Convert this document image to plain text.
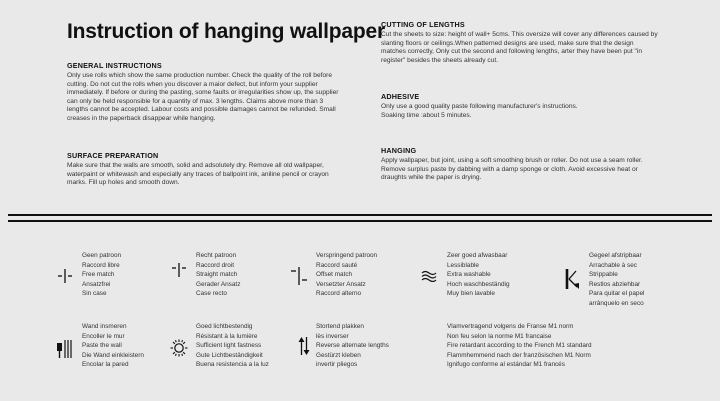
Instruction of hanging wallpaper
GENERAL INSTRUCTIONS

Only use rolls which show the same production number. Check the quality of the roll before

cutting. Do not cut the rolls when you discover a maior defect, but inform your supplier

immediately. If before or during the pasting, some faults or irregularities show up, the supplier

can only be held responsible for a quantity of max. 3 lengths. Claims above more than 3

lengths cannot be accepted. Labour costs and possible damages cannot be refunded. Small

creases in the paperback disappear while hanging.

SURFACE PREPARATION

Make sure that the walls are smooth, solid and adsolutely dry. Remove all old wallpaper,

waterpaint or whitewash and especially any traces of ballpoint ink, aniline pencil or crayon

marks. Fill up holes and smooth down.

CUTTING OF LENGTHS

Cut the sheets to size: height of wall+ 5cms. This oversize will cover any differences caused by

slanting floors or ceilings.When patterned designs are used, make sure that the design

matches correctly, Only cut the second and following lengths, arter they have been put "in

register" besides the sheets already cut.

ADHESIVE

Only use a good quality paste following manufacturer's instructions.

Soaking time :about 5 minutes.

HANGING

Apply wallpaper, but joint, using a soft smoothing brush or roller. Do not use a seam roller.

Remove surplus paste by dabbing with a damp sponge or cloth. Avoid excessive heat or

draughts while the paper is drying.

Geen patroon
Raccord libre
Free match
Ansatzfrei
Sin case
Recht patroon
Raccord droit
Straight match
Gerader Ansatz
Case recto
Verspringend patroon
Raccord sauté
Offset match
Versetzter Ansatz
Raccord alterno
Zeer goed afwasbaar
Lessiblable
Extra washable
Hoch waschbeständig
Muy bien lavable
Gegeel afstripbaar
Arrachable à sec
Strippable
Restlos abziehbar
Para quitar el papel
arrânquelo en seco
Wand insmeren
Encoller le mur
Paste the wall
Die Wand einkleistern
Encolar la pared
Goed lichtbestendig
Résistant à la lumière
Sufficient light fastness
Gute Lichtbeständigkeit
Buena resistencia a la luz
Stortend plakken
lès inverser
Reverse alternate lengths
Gestürzt kleben
invertir pliegos
Vlamvertragend volgens de Franse M1 norm
Non feu selon la norme M1 francaise
Fire retardant according to the French M1 standard
Flammhemmend nach der französischen M1 Norm
Ignifugo conforme al estándar M1 francés
